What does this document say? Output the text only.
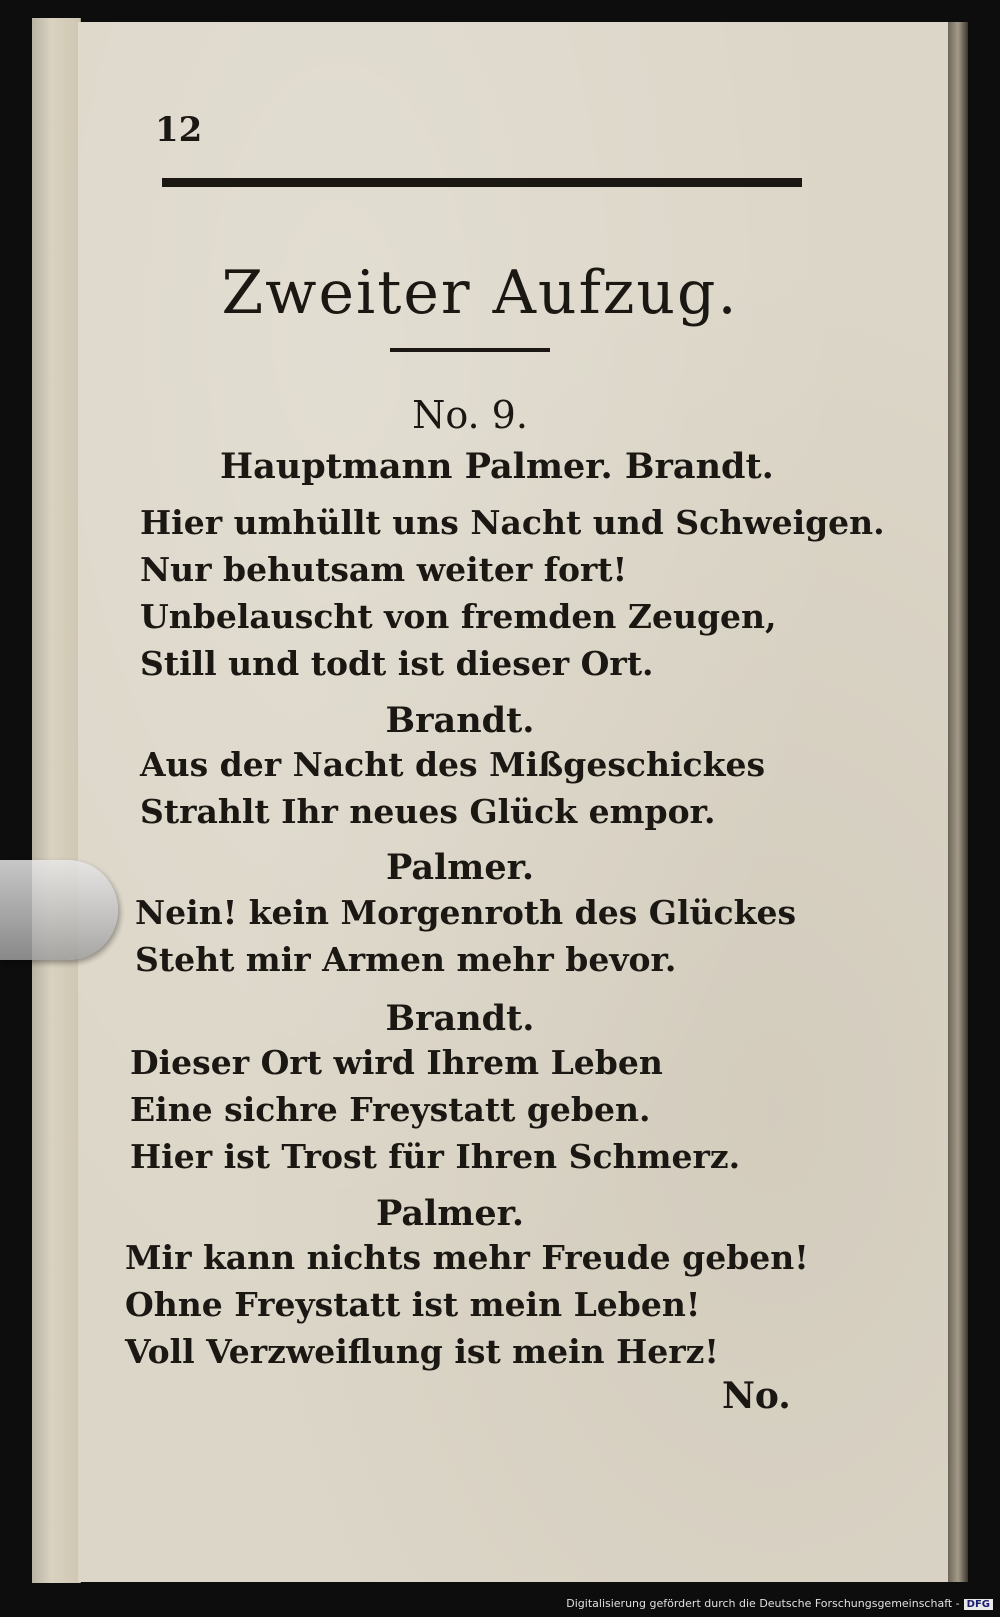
12
Zweiter Aufzug.
No. 9.
Hauptmann Palmer. Brandt.
Hier umhüllt uns Nacht und Schweigen.
Nur behutsam weiter fort!
Unbelauscht von fremden Zeugen,
Still und todt ist dieser Ort.
Brandt.
Aus der Nacht des Mißgeschickes
Strahlt Ihr neues Glück empor.
Palmer.
Nein! kein Morgenroth des Glückes
Steht mir Armen mehr bevor.
Brandt.
Dieser Ort wird Ihrem Leben
Eine sichre Freystatt geben.
Hier ist Trost für Ihren Schmerz.
Palmer.
Mir kann nichts mehr Freude geben!
Ohne Freystatt ist mein Leben!
Voll Verzweiflung ist mein Herz!
No.
Digitalisierung gefördert durch die Deutsche Forschungsgemeinschaft - DFG
